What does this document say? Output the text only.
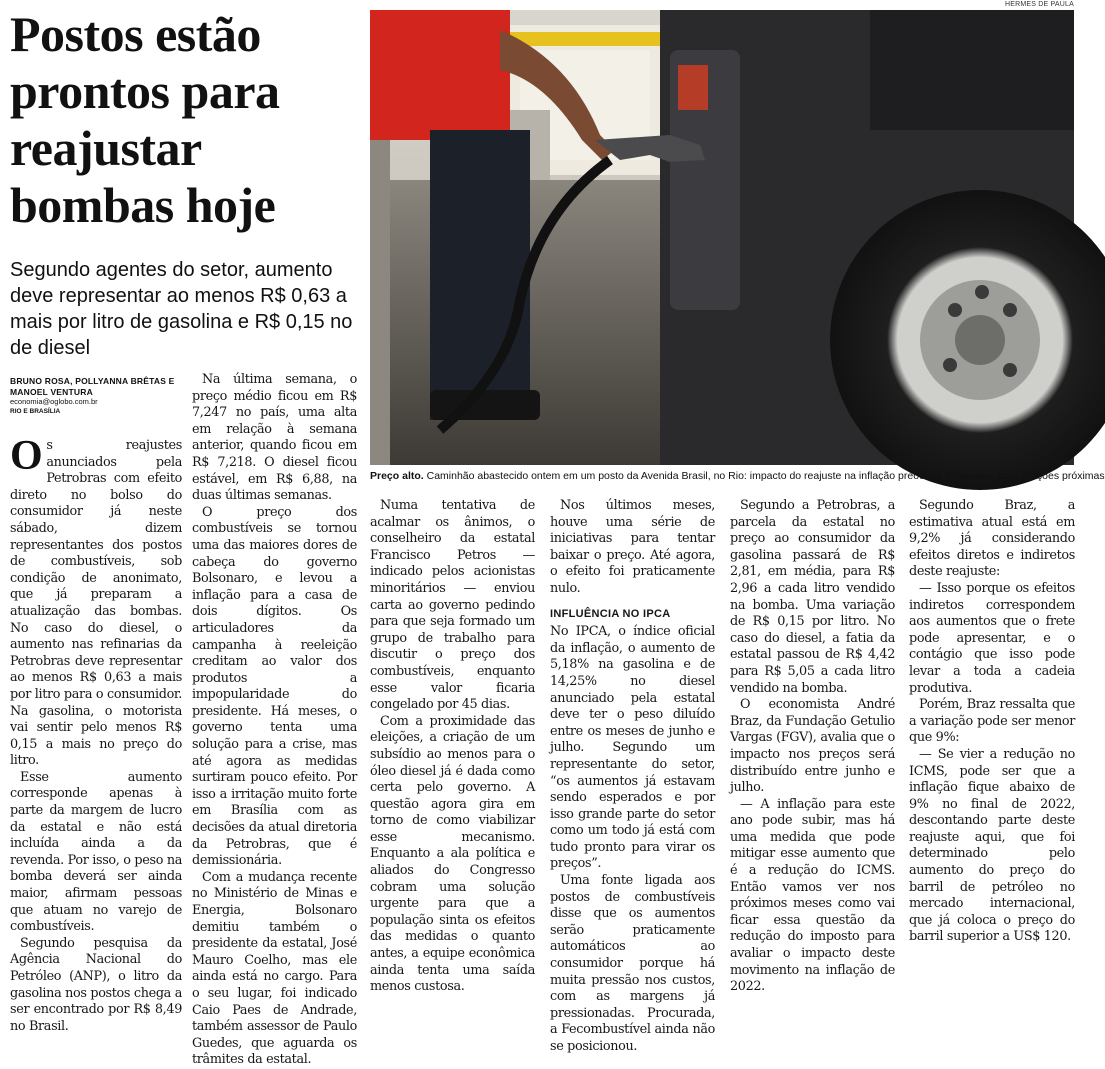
Postos estão prontos para reajustar bombas hoje
Segundo agentes do setor, aumento deve representar ao menos R$ 0,63 a mais por litro de gasolina e R$ 0,15 no de diesel
HERMES DE PAULA
Preço alto. Caminhão abastecido ontem em um posto da Avenida Brasil, no Rio: impacto do reajuste na inflação preocupa Bolsonaro, com eleições próximas
BRUNO ROSA, POLLYANNA BRÊTAS E MANOEL VENTURA
economia@oglobo.com.br
RIO E BRASÍLIA

Os reajustes anunciados pela Petrobras com efeito direto no bolso do consumidor já neste sábado, dizem representantes dos postos de combustíveis, sob condição de anonimato, que já preparam a atualização das bombas. No caso do diesel, o aumento nas refinarias da Petrobras deve representar ao menos R$ 0,63 a mais por litro para o consumidor. Na gasolina, o motorista vai sentir pelo menos R$ 0,15 a mais no preço do litro.

Esse aumento corresponde apenas à parte da margem de lucro da estatal e não está incluída ainda a da revenda. Por isso, o peso na bomba deverá ser ainda maior, afirmam pessoas que atuam no varejo de combustíveis.

Segundo pesquisa da Agência Nacional do Petróleo (ANP), o litro da gasolina nos postos chega a ser encontrado por R$ 8,49 no Brasil.

Na última semana, o preço médio ficou em R$ 7,247 no país, uma alta em relação à semana anterior, quando ficou em R$ 7,218. O diesel ficou estável, em R$ 6,88, na duas últimas semanas.

O preço dos combustíveis se tornou uma das maiores dores de cabeça do governo Bolsonaro, e levou a inflação para a casa de dois dígitos. Os articuladores da campanha à reeleição creditam ao valor dos produtos a impopularidade do presidente. Há meses, o governo tenta uma solução para a crise, mas até agora as medidas surtiram pouco efeito. Por isso a irritação muito forte em Brasília com as decisões da atual diretoria da Petrobras, que é demissionária.

Com a mudança recente no Ministério de Minas e Energia, Bolsonaro demitiu também o presidente da estatal, José Mauro Coelho, mas ele ainda está no cargo. Para o seu lugar, foi indicado Caio Paes de Andrade, também assessor de Paulo Guedes, que aguarda os trâmites da estatal.

Numa tentativa de acalmar os ânimos, o conselheiro da estatal Francisco Petros — indicado pelos acionistas minoritários — enviou carta ao governo pedindo para que seja formado um grupo de trabalho para discutir o preço dos combustíveis, enquanto esse valor ficaria congelado por 45 dias.

Com a proximidade das eleições, a criação de um subsídio ao menos para o óleo diesel já é dada como certa pelo governo. A questão agora gira em torno de como viabilizar esse mecanismo. Enquanto a ala política e aliados do Congresso cobram uma solução urgente para que a população sinta os efeitos das medidas o quanto antes, a equipe econômica ainda tenta uma saída menos custosa.

Nos últimos meses, houve uma série de iniciativas para tentar baixar o preço. Até agora, o efeito foi praticamente nulo.

INFLUÊNCIA NO IPCA

No IPCA, o índice oficial da inflação, o aumento de 5,18% na gasolina e de 14,25% no diesel anunciado pela estatal deve ter o peso diluído entre os meses de junho e julho. Segundo um representante do setor, “os aumentos já estavam sendo esperados e por isso grande parte do setor como um todo já está com tudo pronto para virar os preços”.

Uma fonte ligada aos postos de combustíveis disse que os aumentos serão praticamente automáticos ao consumidor porque há muita pressão nos custos, com as margens já pressionadas. Procurada, a Fecombustível ainda não se posicionou.

Segundo a Petrobras, a parcela da estatal no preço ao consumidor da gasolina passará de R$ 2,81, em média, para R$ 2,96 a cada litro vendido na bomba. Uma variação de R$ 0,15 por litro. No caso do diesel, a fatia da estatal passou de R$ 4,42 para R$ 5,05 a cada litro vendido na bomba.

O economista André Braz, da Fundação Getulio Vargas (FGV), avalia que o impacto nos preços será distribuído entre junho e julho.

— A inflação para este ano pode subir, mas há uma medida que pode mitigar esse aumento que é a redução do ICMS. Então vamos ver nos próximos meses como vai ficar essa questão da redução do imposto para avaliar o impacto deste movimento na inflação de 2022.

Segundo Braz, a estimativa atual está em 9,2% já considerando efeitos diretos e indiretos deste reajuste:

— Isso porque os efeitos indiretos correspondem aos aumentos que o frete pode apresentar, e o contágio que isso pode levar a toda a cadeia produtiva.

Porém, Braz ressalta que a variação pode ser menor que 9%:

— Se vier a redução no ICMS, pode ser que a inflação fique abaixo de 9% no final de 2022, descontando parte deste reajuste aqui, que foi determinado pelo aumento do preço do barril de petróleo no mercado internacional, que já coloca o preço do barril superior a US$ 120.
